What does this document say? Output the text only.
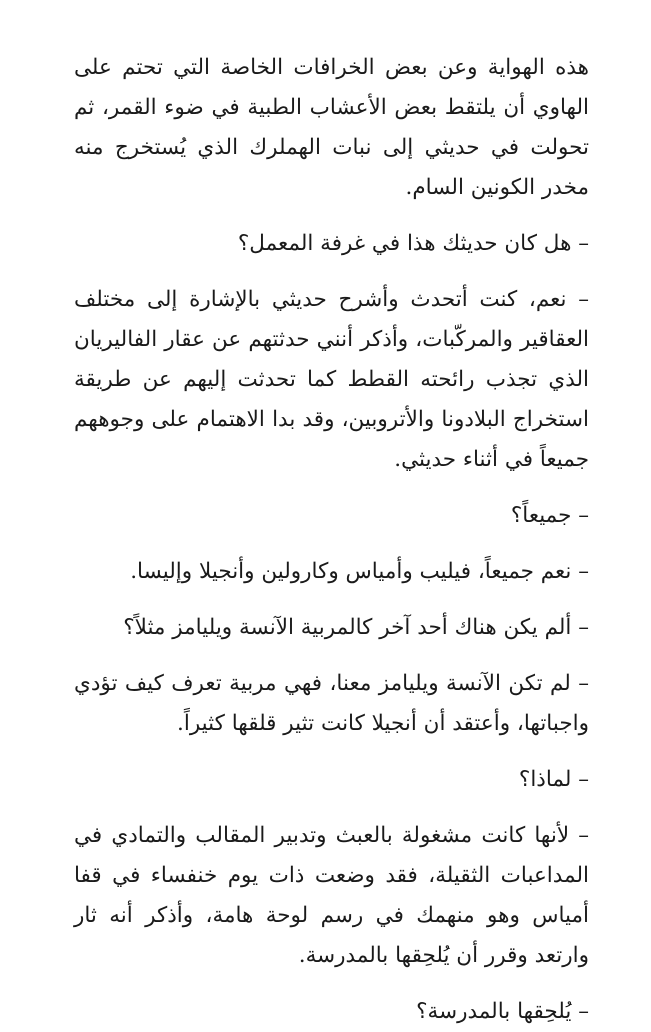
هذه الهواية وعن بعض الخرافات الخاصة التي تحتم على الهاوي أن يلتقط بعض الأعشاب الطبية في ضوء القمر، ثم تحولت في حديثي إلى نبات الهملرك الذي يُستخرج منه مخدر الكونين السام.

– هل كان حديثك هذا في غرفة المعمل؟

– نعم، كنت أتحدث وأشرح حديثي بالإشارة إلى مختلف العقاقير والمركّبات، وأذكر أنني حدثتهم عن عقار الفاليريان الذي تجذب رائحته القطط كما تحدثت إليهم عن طريقة استخراج البلادونا والأتروبين، وقد بدا الاهتمام على وجوههم جميعاً في أثناء حديثي.

– جميعاً؟

– نعم جميعاً، فيليب وأمياس وكارولين وأنجيلا وإليسا.

– ألم يكن هناك أحد آخر كالمربية الآنسة ويليامز مثلاً؟

– لم تكن الآنسة ويليامز معنا، فهي مربية تعرف كيف تؤدي واجباتها، وأعتقد أن أنجيلا كانت تثير قلقها كثيراً.

– لماذا؟

– لأنها كانت مشغولة بالعبث وتدبير المقالب والتمادي في المداعبات الثقيلة، فقد وضعت ذات يوم خنفساء في قفا أمياس وهو منهمك في رسم لوحة هامة، وأذكر أنه ثار وارتعد وقرر أن يُلحِقها بالمدرسة.

– يُلحِقها بالمدرسة؟
